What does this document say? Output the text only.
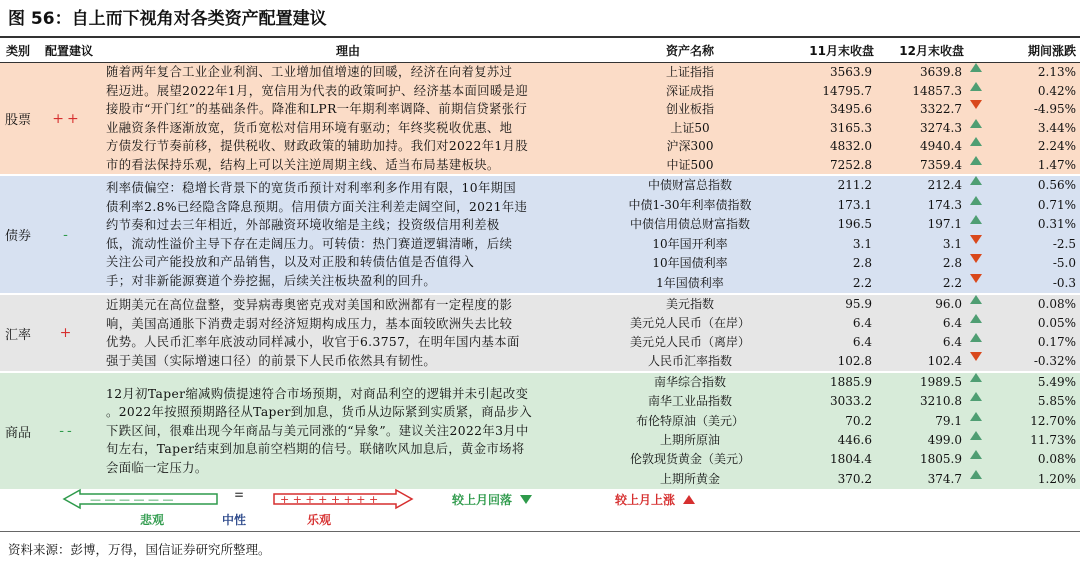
图 56：自上而下视角对各类资产配置建议
类别	配置建议	理由	资产名称	11月末收盘	12月末收盘	期间涨跌
股票	++
随着两年复合工业企业利润、工业增加值增速的回暖，经济在向着复苏过
程迈进。展望2022年1月，宽信用为代表的政策呵护、经济基本面回暖是迎
接股市“开门红”的基础条件。降准和LPR一年期利率调降、前期信贷紧张行
业融资条件逐渐放宽，货币宽松对信用环境有驱动；年终奖税收优惠、地
方债发行节奏前移，提供税收、财政政策的辅助加持。我们对2022年1月股
市的看法保持乐观，结构上可以关注逆周期主线、适当布局基建板块。
上证指指	3563.9	3639.8	2.13%
深证成指	14795.7	14857.3	0.42%
创业板指	3495.6	3322.7	-4.95%
上证50	3165.3	3274.3	3.44%
沪深300	4832.0	4940.4	2.24%
中证500	7252.8	7359.4	1.47%
债券	-
利率债偏空：稳增长背景下的宽货币预计对利率利多作用有限，10年期国
债利率2.8%已经隐含降息预期。信用债方面关注利差走阔空间，2021年违
约节奏和过去三年相近，外部融资环境收缩是主线；投资级信用利差极
低，流动性溢价主导下存在走阔压力。可转债：热门赛道逻辑清晰，后续
关注公司产能投放和产品销售，以及对正股和转债估值是否值得入
手；对非新能源赛道个券挖掘，后续关注板块盈利的回升。
中债财富总指数	211.2	212.4	0.56%
中债1-30年利率债指数	173.1	174.3	0.71%
中债信用债总财富指数	196.5	197.1	0.31%
10年国开利率	3.1	3.1	-2.5
10年国债利率	2.8	2.8	-5.0
1年国债利率	2.2	2.2	-0.3
汇率	+
近期美元在高位盘整，变异病毒奥密克戎对美国和欧洲都有一定程度的影
响，美国高通胀下消费走弱对经济短期构成压力，基本面较欧洲失去比较
优势。人民币汇率年底波动同样减小，收官于6.3757，在明年国内基本面
强于美国（实际增速口径）的前景下人民币依然具有韧性。
美元指数	95.9	96.0	0.08%
美元兑人民币（在岸）	6.4	6.4	0.05%
美元兑人民币（离岸）	6.4	6.4	0.17%
人民币汇率指数	102.8	102.4	-0.32%
商品	--
12月初Taper缩减购债提速符合市场预期，对商品利空的逻辑并未引起改变
。2022年按照预期路径从Taper到加息，货币从边际紧到实质紧，商品步入
下跌区间，很难出现今年商品与美元同涨的“异象”。建议关注2022年3月中
旬左右，Taper结束到加息前空档期的信号。联储吹风加息后，黄金市场将
会面临一定压力。
南华综合指数	1885.9	1989.5	5.49%
南华工业品指数	3033.2	3210.8	5.85%
布伦特原油（美元）	70.2	79.1	12.70%
上期所原油	446.6	499.0	11.73%
伦敦现货黄金（美元）	1804.4	1805.9	0.08%
上期所黄金	370.2	374.7	1.20%
— — — — — —	=	+ + + + + + + +
悲观	中性	乐观
较上月回落	较上月上涨
资料来源：彭博，万得，国信证券研究所整理。
